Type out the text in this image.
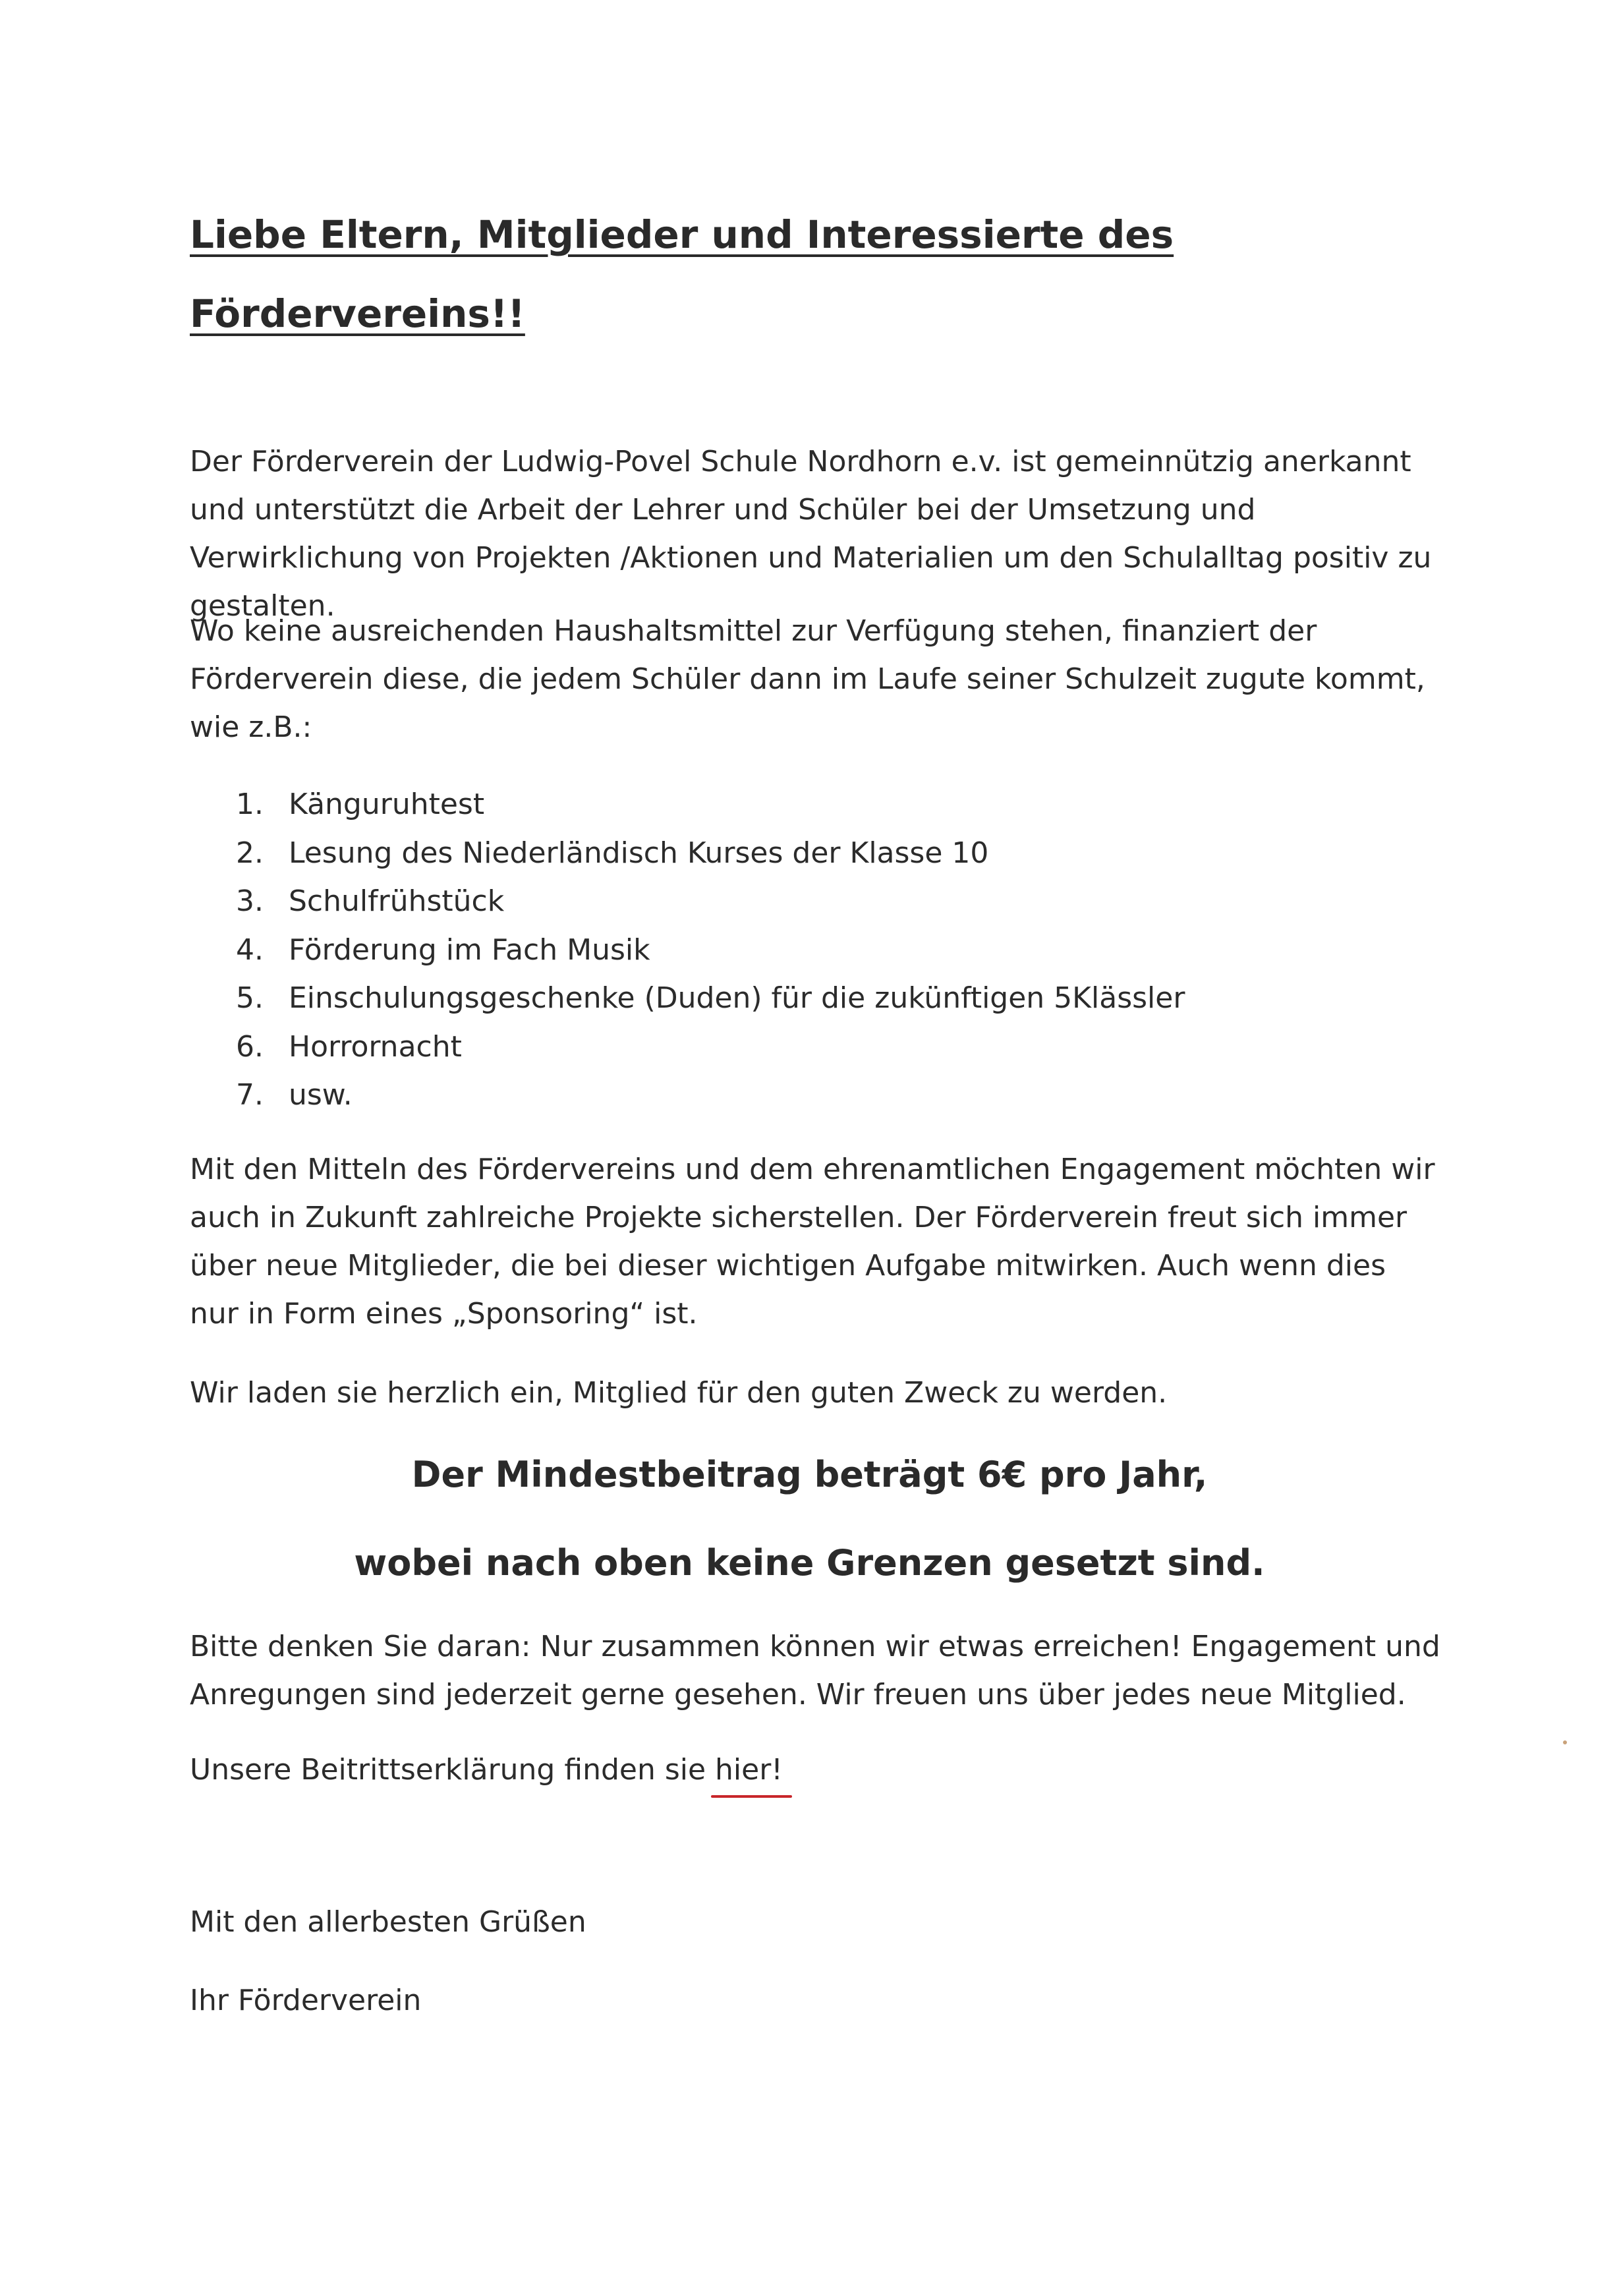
Liebe Eltern, Mitglieder und Interessierte des
Fördervereins!!

Der Förderverein der Ludwig-Povel Schule Nordhorn e.v. ist gemeinnützig anerkannt und unterstützt die Arbeit der Lehrer und Schüler bei der Umsetzung und Verwirklichung von Projekten /Aktionen und Materialien um den Schulalltag positiv zu gestalten.

Wo keine ausreichenden Haushaltsmittel zur Verfügung stehen, finanziert der Förderverein diese, die jedem Schüler dann im Laufe seiner Schulzeit zugute kommt, wie z.B.:

1. Känguruhtest
2. Lesung des Niederländisch Kurses der Klasse 10
3. Schulfrühstück
4. Förderung im Fach Musik
5. Einschulungsgeschenke (Duden) für die zukünftigen 5Klässler
6. Horrornacht
7. usw.

Mit den Mitteln des Fördervereins und dem ehrenamtlichen Engagement möchten wir auch in Zukunft zahlreiche Projekte sicherstellen. Der Förderverein freut sich immer über neue Mitglieder, die bei dieser wichtigen Aufgabe mitwirken. Auch wenn dies nur in Form eines „Sponsoring“ ist.

Wir laden sie herzlich ein, Mitglied für den guten Zweck zu werden.

Der Mindestbeitrag beträgt 6€ pro Jahr,

wobei nach oben keine Grenzen gesetzt sind.

Bitte denken Sie daran: Nur zusammen können wir etwas erreichen! Engagement und Anregungen sind jederzeit gerne gesehen. Wir freuen uns über jedes neue Mitglied.

Unsere Beitrittserklärung finden sie hier!

Mit den allerbesten Grüßen

Ihr Förderverein
